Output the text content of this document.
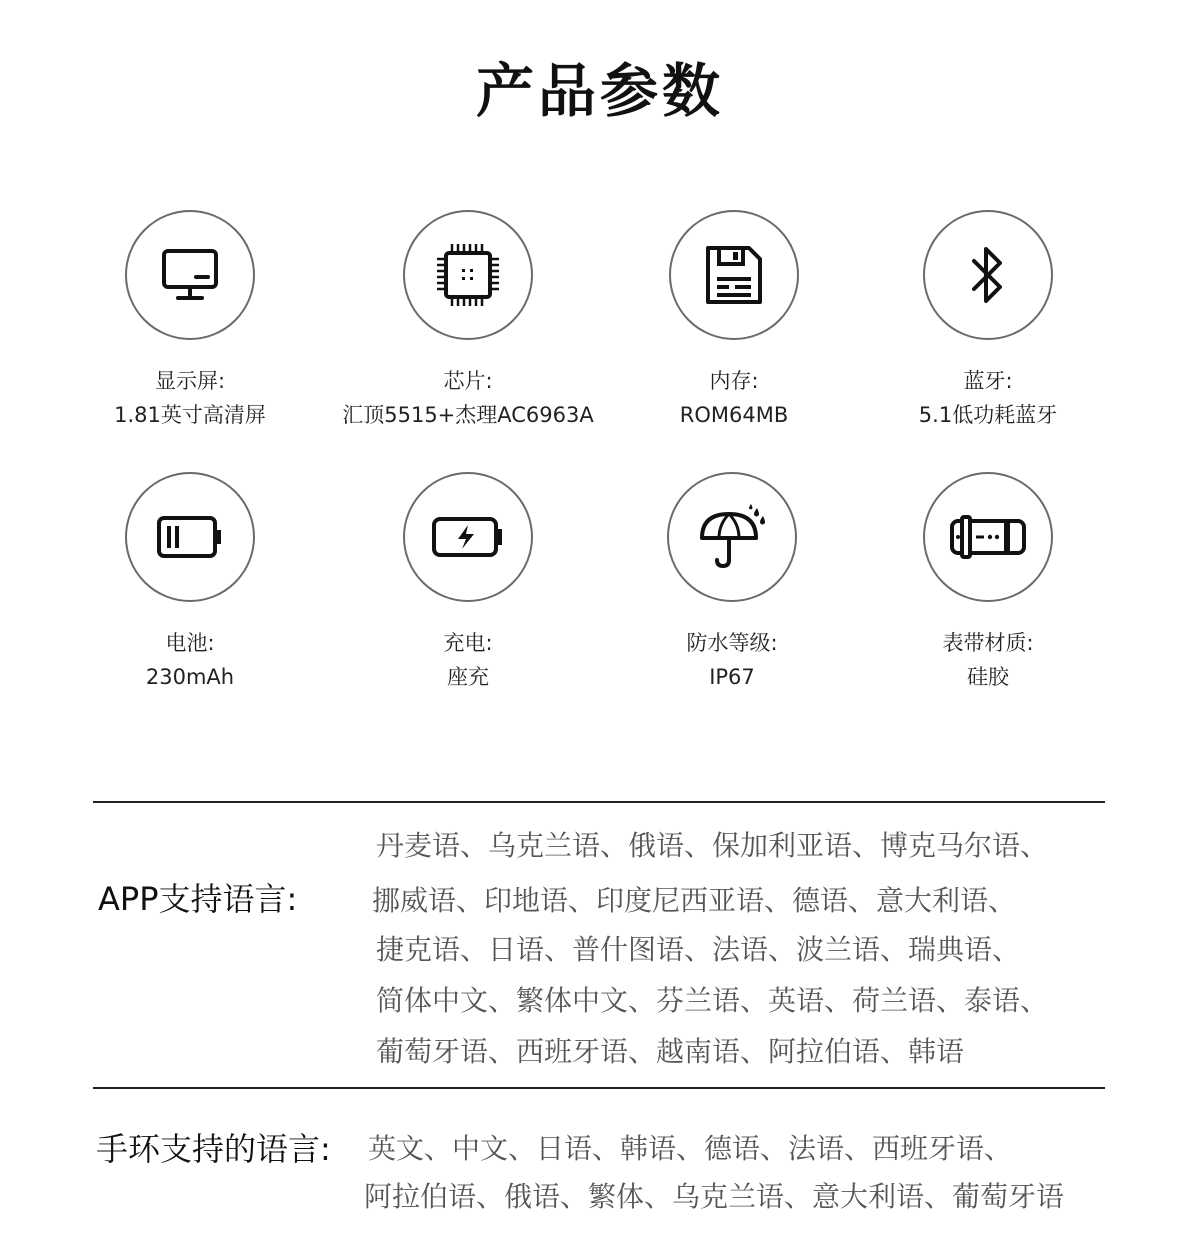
产品参数
显示屏:
1.81英寸高清屏
芯片:
汇顶5515+杰理AC6963A
内存:
ROM64MB
蓝牙:
5.1低功耗蓝牙
电池:
230mAh
充电:
座充
防水等级:
IP67
表带材质:
硅胶
APP支持语言:
丹麦语、乌克兰语、俄语、保加利亚语、博克马尔语、
挪威语、印地语、印度尼西亚语、德语、意大利语、
捷克语、日语、普什图语、法语、波兰语、瑞典语、
简体中文、繁体中文、芬兰语、英语、荷兰语、泰语、
葡萄牙语、西班牙语、越南语、阿拉伯语、韩语
手环支持的语言: 英文、中文、日语、韩语、德语、法语、西班牙语、
阿拉伯语、俄语、繁体、乌克兰语、意大利语、葡萄牙语
